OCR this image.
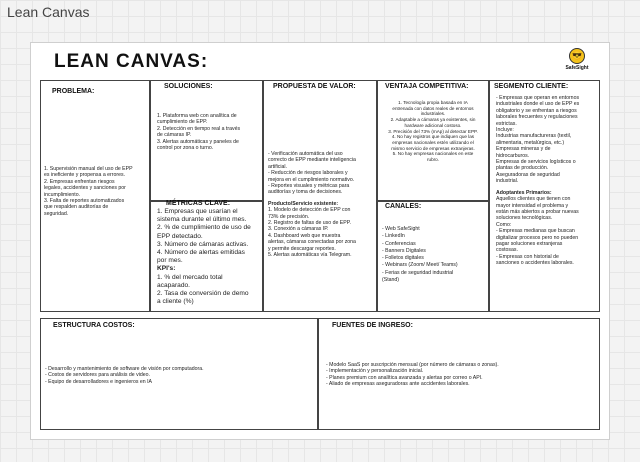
Lean Canvas
LEAN CANVAS:	😎
SafeSight
PROBLEMA:
1. Supervisión manual del uso de EPP
es ineficiente y propensa a errores.
2. Empresas enfrentan riesgos
legales, accidentes y sanciones por
incumplimiento.
3. Falta de reportes automatizados
que respalden auditorías de
seguridad.
SOLUCIONES:
1. Plataforma web con analítica de
cumplimiento de EPP.
2. Detección en tiempo real a través
de cámaras IP.
3. Alertas automáticas y paneles de
control por zona o turno.
MÉTRICAS CLAVE:
1. Empresas que usarían el
sistema durante el último mes.
2. % de cumplimiento de uso de
EPP detectado.
3. Número de cámaras activas.
4. Número de alertas emitidas
por mes.
KPI's:
1. % del mercado total
acaparado.
2. Tasa de conversión de demo
a cliente (%)
PROPUESTA DE VALOR:
- Verificación automática del uso
correcto de EPP mediante inteligencia
artificial.
- Reducción de riesgos laborales y
mejora en el cumplimiento normativo.
- Reportes visuales y métricas para
auditorías y toma de decisiones.
Producto/Servicio existente:
1. Modelo de detección de EPP con
73% de precisión.
2. Registro de faltas de uso de EPP.
3. Conexión a cámaras IP.
4. Dashboard web que muestra
alertas, cámaras conectadas por zona
y permite descargar reportes.
5. Alertas automáticas vía Telegram.
VENTAJA COMPETITIVA:
1. Tecnología propia basada en IA
entrenada con datos reales de entornos
industriales.
2. Adaptable a cámaras ya existentes, sin
hardware adicional costoso.
3. Precisión del 73% (mAp) al detectar EPP.
4. No hay registros que indiquen que las
empresas nacionales estén utilizando el
mismo servicio de empresas extranjeras.
5. No hay empresas nacionales en este
rubro.
CANALES:
- Web SafeSight
- LinkedIn
- Conferencias
- Banners Digitales
- Folletos digitales
- Webinars (Zoom/ Meet/ Teams)
- Ferias de seguridad industrial
(Stand)
SEGMENTO CLIENTE:
- Empresas que operan en entornos
industriales donde el uso de EPP es
obligatorio y se enfrentan a riesgos
laborales frecuentes y regulaciones
estrictas.
Incluye:
Industrias manufactureras (textil,
alimentaria, metalúrgica, etc.)
Empresas mineras y de
hidrocarburos.
Empresas de servicios logísticos o
plantas de producción.
Aseguradoras de seguridad
industrial.
Adoptantes Primarios:
Aquellos clientes que tienen con
mayor intensidad el problema y
están más abiertos a probar nuevas
soluciones tecnológicas.
Como:
- Empresas medianas que buscan
digitalizar procesos pero no pueden
pagar soluciones extranjeras
costosas.
- Empresas con historial de
sanciones o accidentes laborales.
ESTRUCTURA COSTOS:
- Desarrollo y mantenimiento de software de visión por computadora.
- Costos de servidores para análisis de video.
- Equipo de desarrolladores e ingenieros en IA
FUENTES DE INGRESO:
- Modelo SaaS por suscripción mensual (por número de cámaras o zonas).
- Implementación y personalización inicial.
- Planes premium con analítica avanzada y alertas por correo o API.
- Aliado de empresas aseguradoras ante accidentes laborales.
